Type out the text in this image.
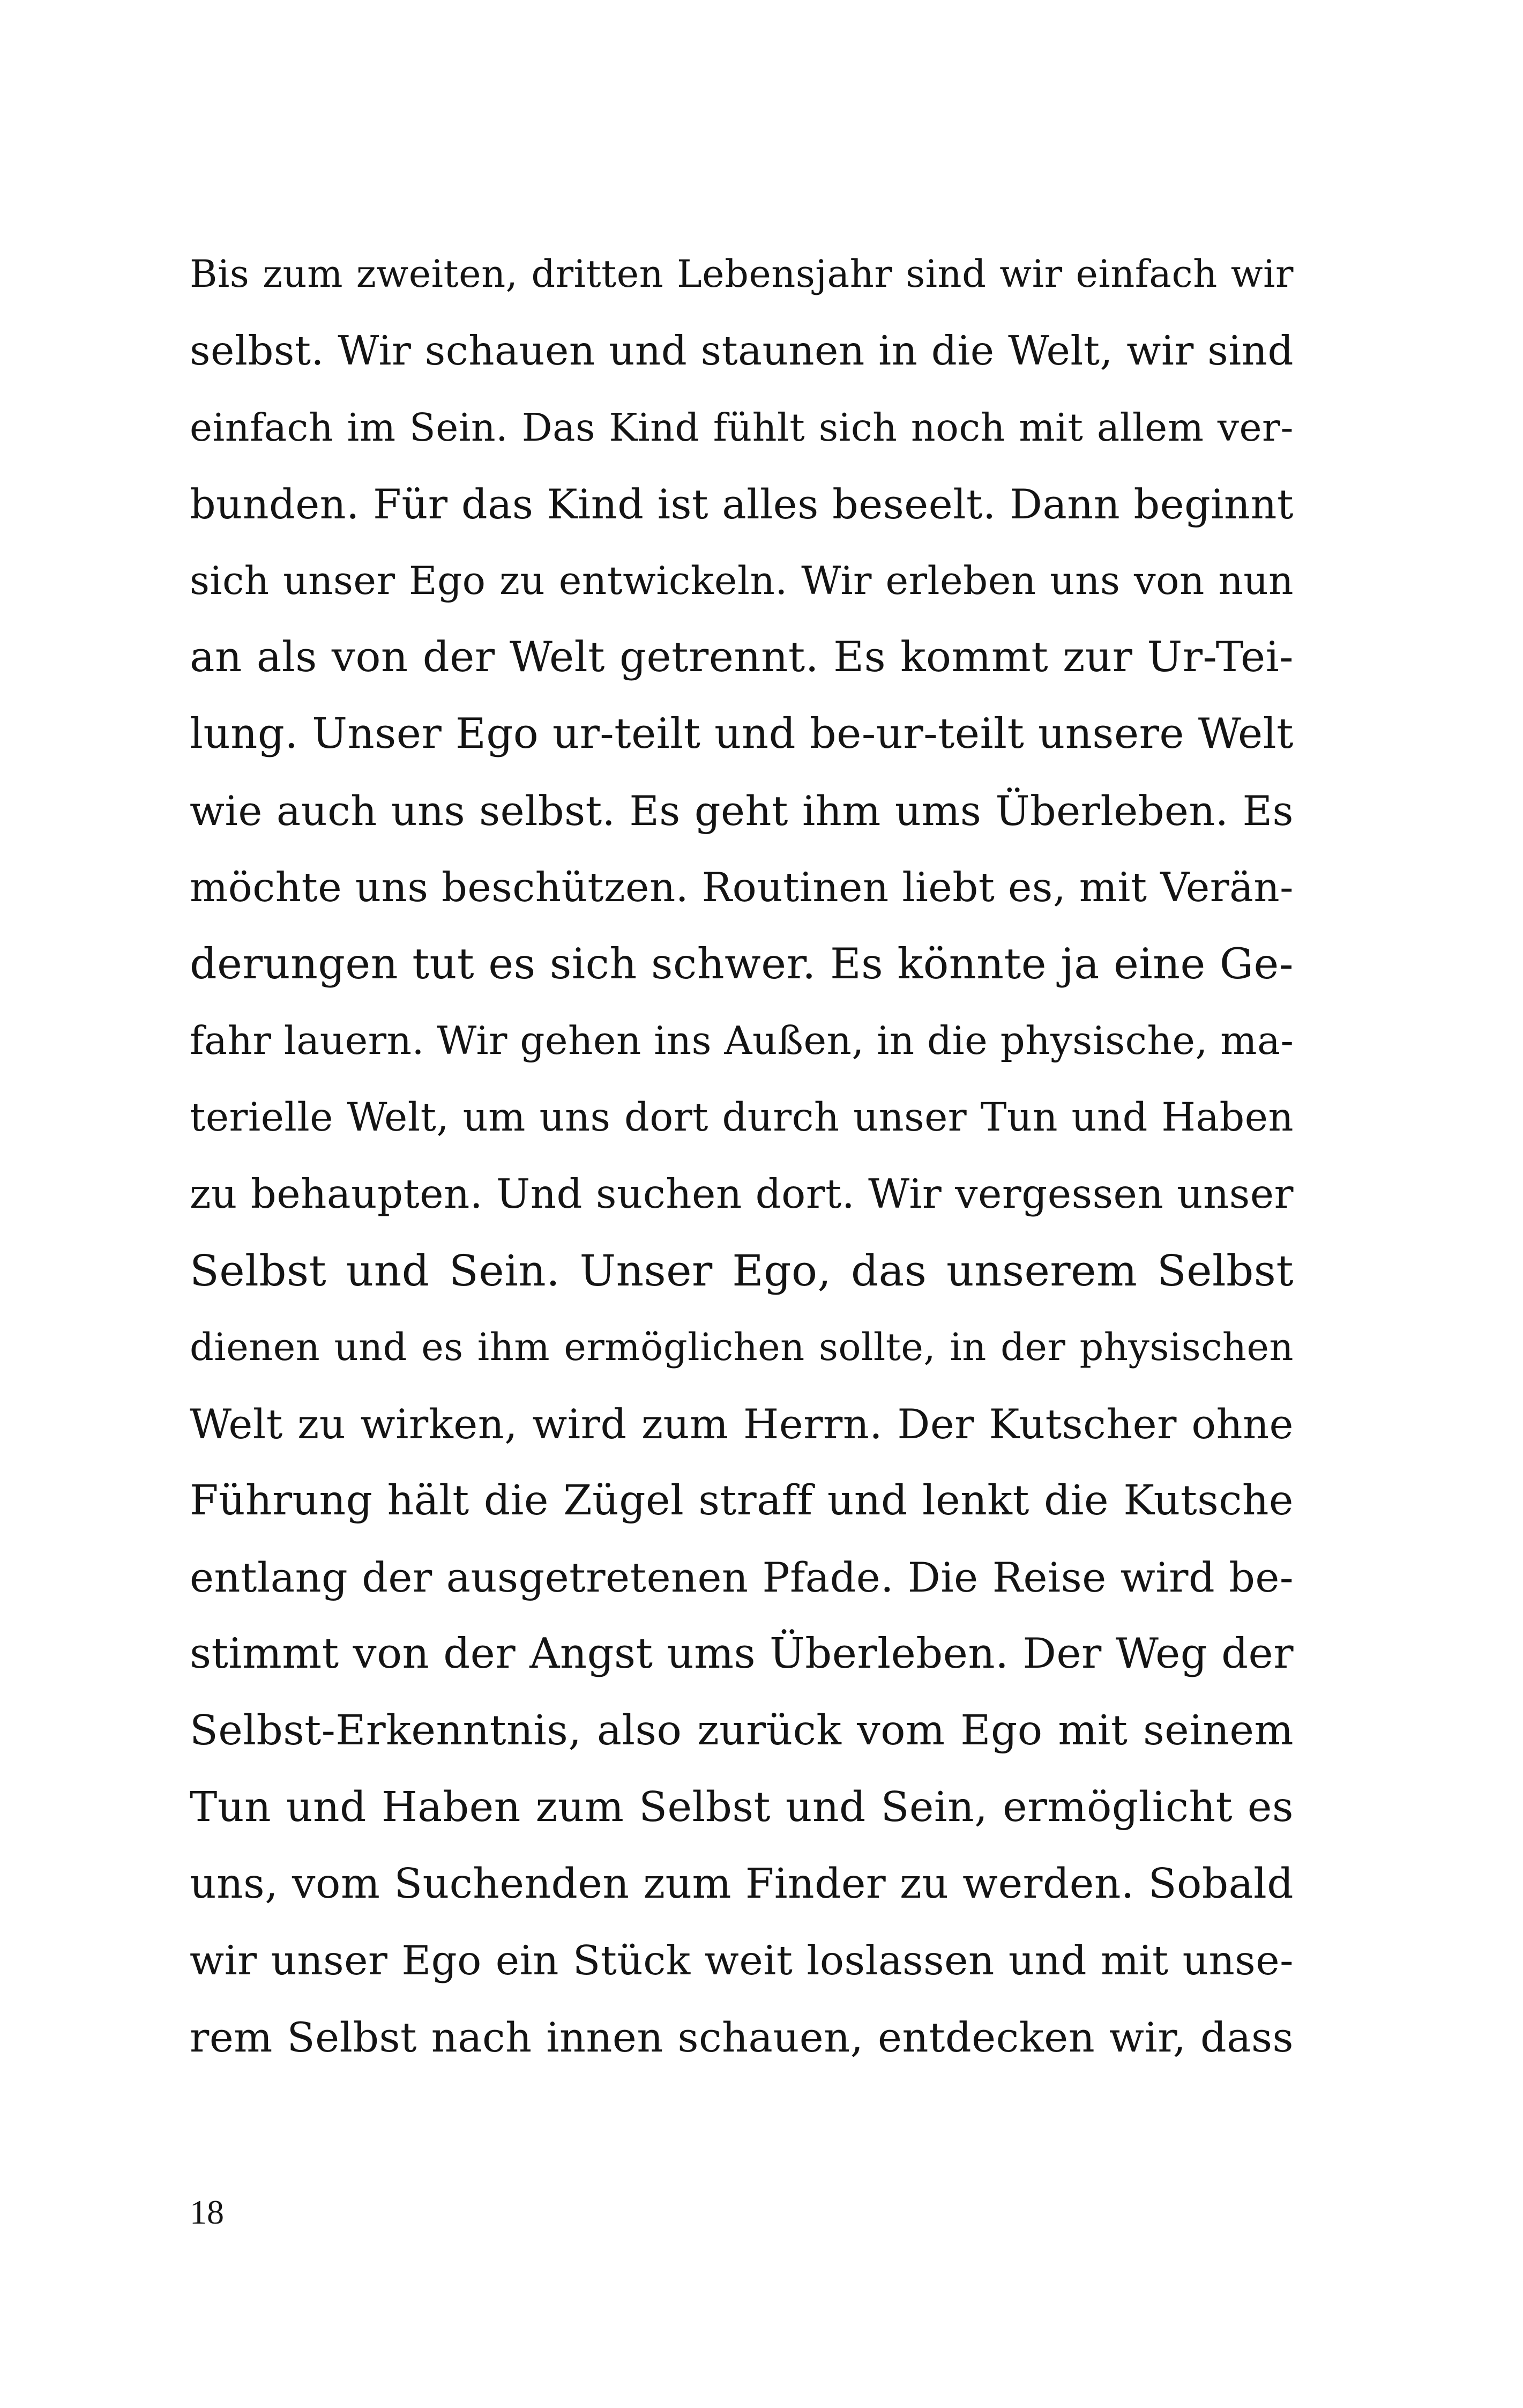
Bis zum zweiten, dritten Lebensjahr sind wir einfach wir
selbst. Wir schauen und staunen in die Welt, wir sind
einfach im Sein. Das Kind fühlt sich noch mit allem ver-
bunden. Für das Kind ist alles beseelt. Dann beginnt
sich unser Ego zu entwickeln. Wir erleben uns von nun
an als von der Welt getrennt. Es kommt zur Ur-Tei-
lung. Unser Ego ur-teilt und be-ur-teilt unsere Welt
wie auch uns selbst. Es geht ihm ums Überleben. Es
möchte uns beschützen. Routinen liebt es, mit Verän-
derungen tut es sich schwer. Es könnte ja eine Ge-
fahr lauern. Wir gehen ins Außen, in die physische, ma-
terielle Welt, um uns dort durch unser Tun und Haben
zu behaupten. Und suchen dort. Wir vergessen unser
Selbst und Sein. Unser Ego, das unserem Selbst
dienen und es ihm ermöglichen sollte, in der physischen
Welt zu wirken, wird zum Herrn. Der Kutscher ohne
Führung hält die Zügel straff und lenkt die Kutsche
entlang der ausgetretenen Pfade. Die Reise wird be-
stimmt von der Angst ums Überleben. Der Weg der
Selbst-Erkenntnis, also zurück vom Ego mit seinem
Tun und Haben zum Selbst und Sein, ermöglicht es
uns, vom Suchenden zum Finder zu werden. Sobald
wir unser Ego ein Stück weit loslassen und mit unse-
rem Selbst nach innen schauen, entdecken wir, dass
18
